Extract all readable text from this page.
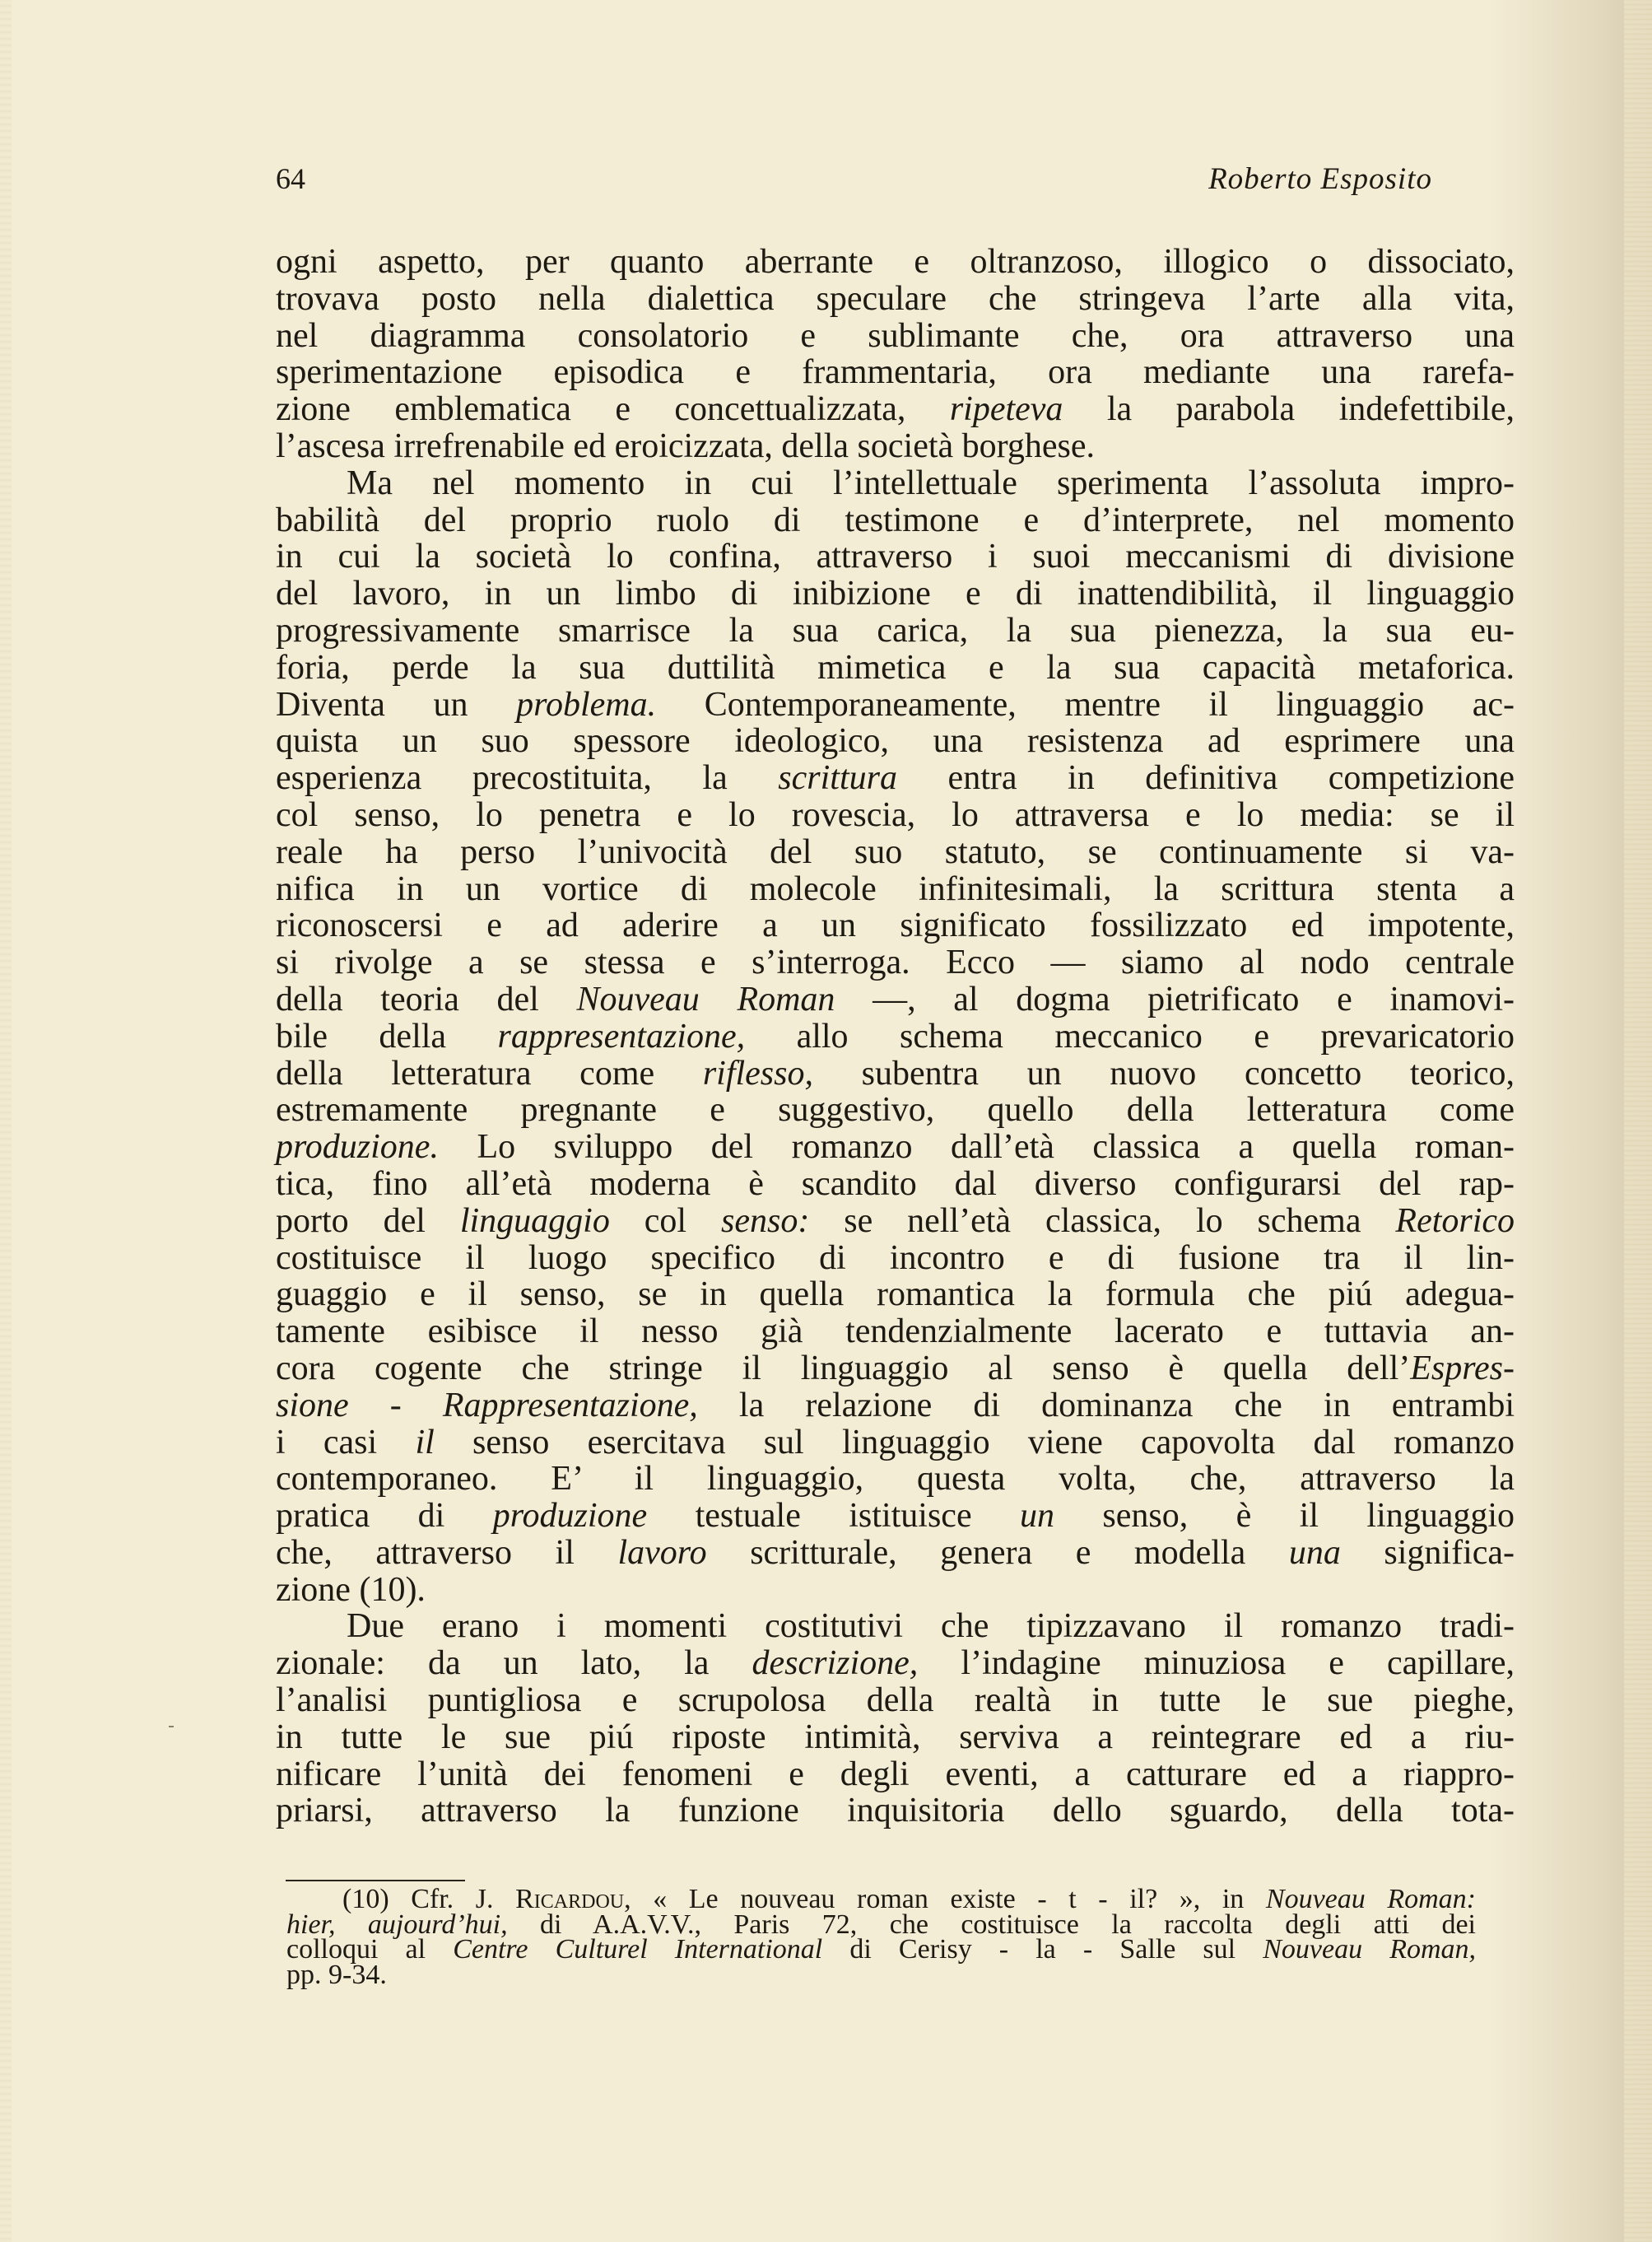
64	Roberto Esposito
ogni aspetto, per quanto aberrante e oltranzoso, illogico o dissociato,
trovava posto nella dialettica speculare che stringeva l’arte alla vita,
nel diagramma consolatorio e sublimante che, ora attraverso una
sperimentazione episodica e frammentaria, ora mediante una rarefa-
zione emblematica e concettualizzata, ripeteva la parabola indefettibile,
l’ascesa irrefrenabile ed eroicizzata, della società borghese.
Ma nel momento in cui l’intellettuale sperimenta l’assoluta impro-
babilità del proprio ruolo di testimone e d’interprete, nel momento
in cui la società lo confina, attraverso i suoi meccanismi di divisione
del lavoro, in un limbo di inibizione e di inattendibilità, il linguaggio
progressivamente smarrisce la sua carica, la sua pienezza, la sua eu-
foria, perde la sua duttilità mimetica e la sua capacità metaforica.
Diventa un problema. Contemporaneamente, mentre il linguaggio ac-
quista un suo spessore ideologico, una resistenza ad esprimere una
esperienza precostituita, la scrittura entra in definitiva competizione
col senso, lo penetra e lo rovescia, lo attraversa e lo media: se il
reale ha perso l’univocità del suo statuto, se continuamente si va-
nifica in un vortice di molecole infinitesimali, la scrittura stenta a
riconoscersi e ad aderire a un significato fossilizzato ed impotente,
si rivolge a se stessa e s’interroga. Ecco — siamo al nodo centrale
della teoria del Nouveau Roman —, al dogma pietrificato e inamovi-
bile della rappresentazione, allo schema meccanico e prevaricatorio
della letteratura come riflesso, subentra un nuovo concetto teorico,
estremamente pregnante e suggestivo, quello della letteratura come
produzione. Lo sviluppo del romanzo dall’età classica a quella roman-
tica, fino all’età moderna è scandito dal diverso configurarsi del rap-
porto del linguaggio col senso: se nell’età classica, lo schema Retorico
costituisce il luogo specifico di incontro e di fusione tra il lin-
guaggio e il senso, se in quella romantica la formula che piú adegua-
tamente esibisce il nesso già tendenzialmente lacerato e tuttavia an-
cora cogente che stringe il linguaggio al senso è quella dell’Espres-
sione - Rappresentazione, la relazione di dominanza che in entrambi
i casi il senso esercitava sul linguaggio viene capovolta dal romanzo
contemporaneo. E’ il linguaggio, questa volta, che, attraverso la
pratica di produzione testuale istituisce un senso, è il linguaggio
che, attraverso il lavoro scritturale, genera e modella una significa-
zione (10).
Due erano i momenti costitutivi che tipizzavano il romanzo tradi-
zionale: da un lato, la descrizione, l’indagine minuziosa e capillare,
l’analisi puntigliosa e scrupolosa della realtà in tutte le sue pieghe,
in tutte le sue piú riposte intimità, serviva a reintegrare ed a riu-
nificare l’unità dei fenomeni e degli eventi, a catturare ed a riappro-
priarsi, attraverso la funzione inquisitoria dello sguardo, della tota-
(10) Cfr. J. Ricardou, « Le nouveau roman existe - t - il? », in Nouveau Roman:
hier, aujourd’hui, di A.A.V.V., Paris 72, che costituisce la raccolta degli atti dei
colloqui al Centre Culturel International di Cerisy - la - Salle sul Nouveau Roman,
pp. 9-34.
